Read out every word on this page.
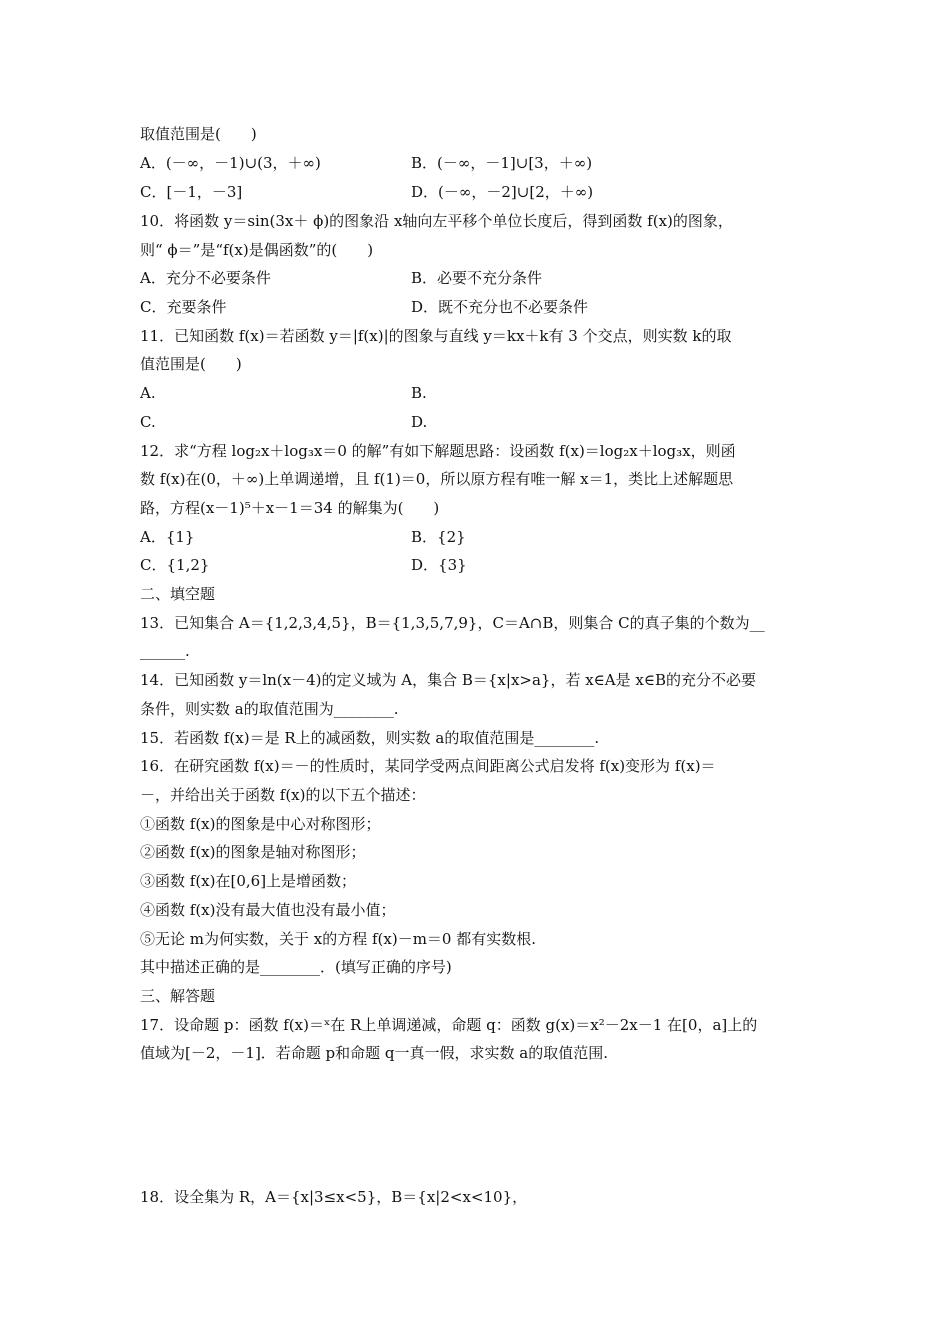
取值范围是(　　)
A．(－∞，－1)∪(3，＋∞)	B．(－∞，－1]∪[3，＋∞)
C．[－1，－3]	D．(－∞，－2]∪[2，＋∞)
10．将函数 y＝sin(3x＋ ϕ)的图象沿 x轴向左平移个单位长度后，得到函数 f(x)的图象，
则“ ϕ＝”是“f(x)是偶函数”的(　　)
A．充分不必要条件	B．必要不充分条件
C．充要条件	D．既不充分也不必要条件
11．已知函数 f(x)＝若函数 y＝|f(x)|的图象与直线 y＝kx＋k有 3 个交点，则实数 k的取
值范围是(　　)
A.	B.
C.	D.
12．求“方程 log₂x＋log₃x＝0 的解”有如下解题思路：设函数 f(x)＝log₂x＋log₃x，则函
数 f(x)在(0，＋∞)上单调递增，且 f(1)＝0，所以原方程有唯一解 x＝1，类比上述解题思
路，方程(x－1)⁵＋x－1＝34 的解集为(　　)
A．{1}	B．{2}
C．{1,2}	D．{3}
二、填空题
13．已知集合 A＝{1,2,3,4,5}，B＝{1,3,5,7,9}，C＝A∩B，则集合 C的真子集的个数为__
______.
14．已知函数 y＝ln(x－4)的定义域为 A，集合 B＝{x|x>a}，若 x∈A是 x∈B的充分不必要
条件，则实数 a的取值范围为________.
15．若函数 f(x)＝是 R上的减函数，则实数 a的取值范围是________.
16．在研究函数 f(x)＝－的性质时，某同学受两点间距离公式启发将 f(x)变形为 f(x)＝
－，并给出关于函数 f(x)的以下五个描述：
①函数 f(x)的图象是中心对称图形；
②函数 f(x)的图象是轴对称图形；
③函数 f(x)在[0,6]上是增函数；
④函数 f(x)没有最大值也没有最小值；
⑤无论 m为何实数，关于 x的方程 f(x)－m＝0 都有实数根.
其中描述正确的是________．(填写正确的序号)
三、解答题
17．设命题 p：函数 f(x)＝ˣ在 R上单调递减，命题 q：函数 g(x)＝x²－2x－1 在[0，a]上的
值域为[－2，－1]．若命题 p和命题 q一真一假，求实数 a的取值范围.
18．设全集为 R，A＝{x|3≤x<5}，B＝{x|2<x<10}，
